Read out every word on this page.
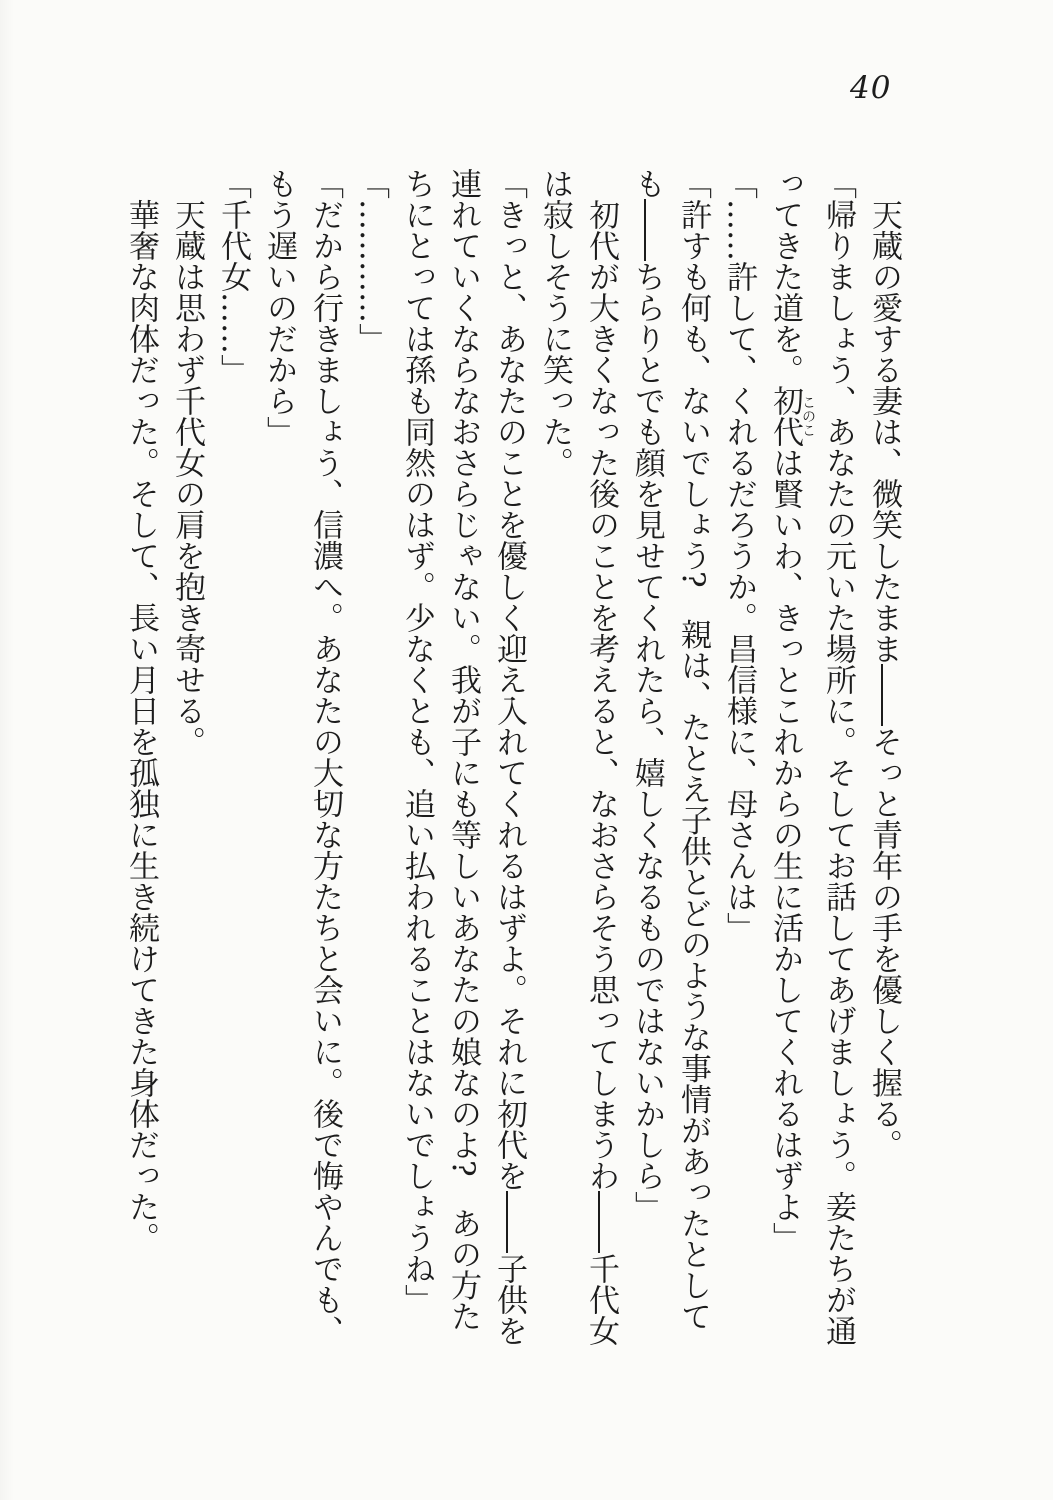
40

天蔵の愛する妻は、微笑したまま――そっと青年の手を優しく握る。

「帰りましょう、あなたの元いた場所に。そしてお話してあげましょう。妾たちが通

ってきた道を。初代このこは賢いわ、きっとこれからの生に活かしてくれるはずよ」

「……許して、くれるだろうか。昌信様に、母さんは」

「許すも何も、ないでしょう?　親は、たとえ子供とどのような事情があったとして

も――ちらりとでも顔を見せてくれたら、嬉しくなるものではないかしら」

初代が大きくなった後のことを考えると、なおさらそう思ってしまうわ――千代女

は寂しそうに笑った。

「きっと、あなたのことを優しく迎え入れてくれるはずよ。それに初代を――子供を

連れていくならなおさらじゃない。我が子にも等しいあなたの娘なのよ?　あの方た

ちにとっては孫も同然のはず。少なくとも、追い払われることはないでしょうね」

「…………」

「だから行きましょう、信濃へ。あなたの大切な方たちと会いに。後で悔やんでも、

もう遅いのだから」

「千代女……」

天蔵は思わず千代女の肩を抱き寄せる。

華奢な肉体だった。そして、長い月日を孤独に生き続けてきた身体だった。
